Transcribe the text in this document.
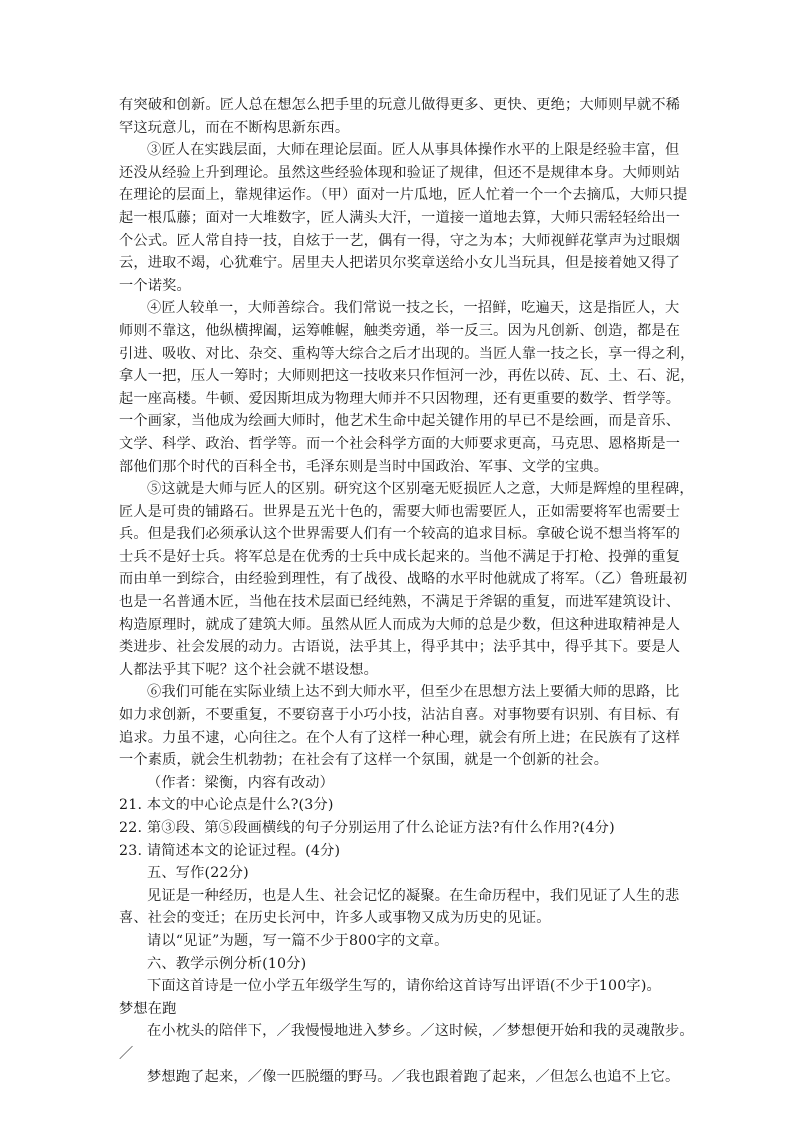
有突破和创新。匠人总在想怎么把手里的玩意儿做得更多、更快、更绝；大师则早就不稀
罕这玩意儿，而在不断构思新东西。
③匠人在实践层面，大师在理论层面。匠人从事具体操作水平的上限是经验丰富，但
还没从经验上升到理论。虽然这些经验体现和验证了规律，但还不是规律本身。大师则站
在理论的层面上，靠规律运作。（甲）面对一片瓜地，匠人忙着一个一个去摘瓜，大师只提
起一根瓜藤；面对一大堆数字，匠人满头大汗，一道接一道地去算，大师只需轻轻给出一
个公式。匠人常自持一技，自炫于一艺，偶有一得，守之为本；大师视鲜花掌声为过眼烟
云，进取不竭，心犹难宁。居里夫人把诺贝尔奖章送给小女儿当玩具，但是接着她又得了
一个诺奖。
④匠人较单一，大师善综合。我们常说一技之长，一招鲜，吃遍天，这是指匠人，大
师则不靠这，他纵横捭阖，运筹帷幄，触类旁通，举一反三。因为凡创新、创造，都是在
引进、吸收、对比、杂交、重构等大综合之后才出现的。当匠人靠一技之长，享一得之利，
拿人一把，压人一筹时；大师则把这一技收来只作恒河一沙，再佐以砖、瓦、土、石、泥，
起一座高楼。牛顿、爱因斯坦成为物理大师并不只因物理，还有更重要的数学、哲学等。
一个画家，当他成为绘画大师时，他艺术生命中起关键作用的早已不是绘画，而是音乐、
文学、科学、政治、哲学等。而一个社会科学方面的大师要求更高，马克思、恩格斯是一
部他们那个时代的百科全书，毛泽东则是当时中国政治、军事、文学的宝典。
⑤这就是大师与匠人的区别。研究这个区别毫无贬损匠人之意，大师是辉煌的里程碑，
匠人是可贵的铺路石。世界是五光十色的，需要大师也需要匠人，正如需要将军也需要士
兵。但是我们必须承认这个世界需要人们有一个较高的追求目标。拿破仑说不想当将军的
士兵不是好士兵。将军总是在优秀的士兵中成长起来的。当他不满足于打枪、投弹的重复
而由单一到综合，由经验到理性，有了战役、战略的水平时他就成了将军。（乙）鲁班最初
也是一名普通木匠，当他在技术层面已经纯熟，不满足于斧锯的重复，而进军建筑设计、
构造原理时，就成了建筑大师。虽然从匠人而成为大师的总是少数，但这种进取精神是人
类进步、社会发展的动力。古语说，法乎其上，得乎其中；法乎其中，得乎其下。要是人
人都法乎其下呢？这个社会就不堪设想。
⑥我们可能在实际业绩上达不到大师水平，但至少在思想方法上要循大师的思路，比
如力求创新，不要重复，不要窃喜于小巧小技，沾沾自喜。对事物要有识别、有目标、有
追求。力虽不逮，心向往之。在个人有了这样一种心理，就会有所上进；在民族有了这样
一个素质，就会生机勃勃；在社会有了这样一个氛围，就是一个创新的社会。
（作者：梁衡，内容有改动）
21. 本文的中心论点是什么?(3分)
22. 第③段、第⑤段画横线的句子分别运用了什么论证方法?有什么作用?(4分)
23. 请简述本文的论证过程。(4分)
五、写作(22分)
见证是一种经历，也是人生、社会记忆的凝聚。在生命历程中，我们见证了人生的悲
喜、社会的变迁；在历史长河中，许多人或事物又成为历史的见证。
请以“见证”为题，写一篇不少于800字的文章。
六、教学示例分析(10分)
下面这首诗是一位小学五年级学生写的，请你给这首诗写出评语(不少于100字)。
梦想在跑
在小枕头的陪伴下，／我慢慢地进入梦乡。／这时候，／梦想便开始和我的灵魂散步。
／
梦想跑了起来，／像一匹脱缰的野马。／我也跟着跑了起来，／但怎么也追不上它。
